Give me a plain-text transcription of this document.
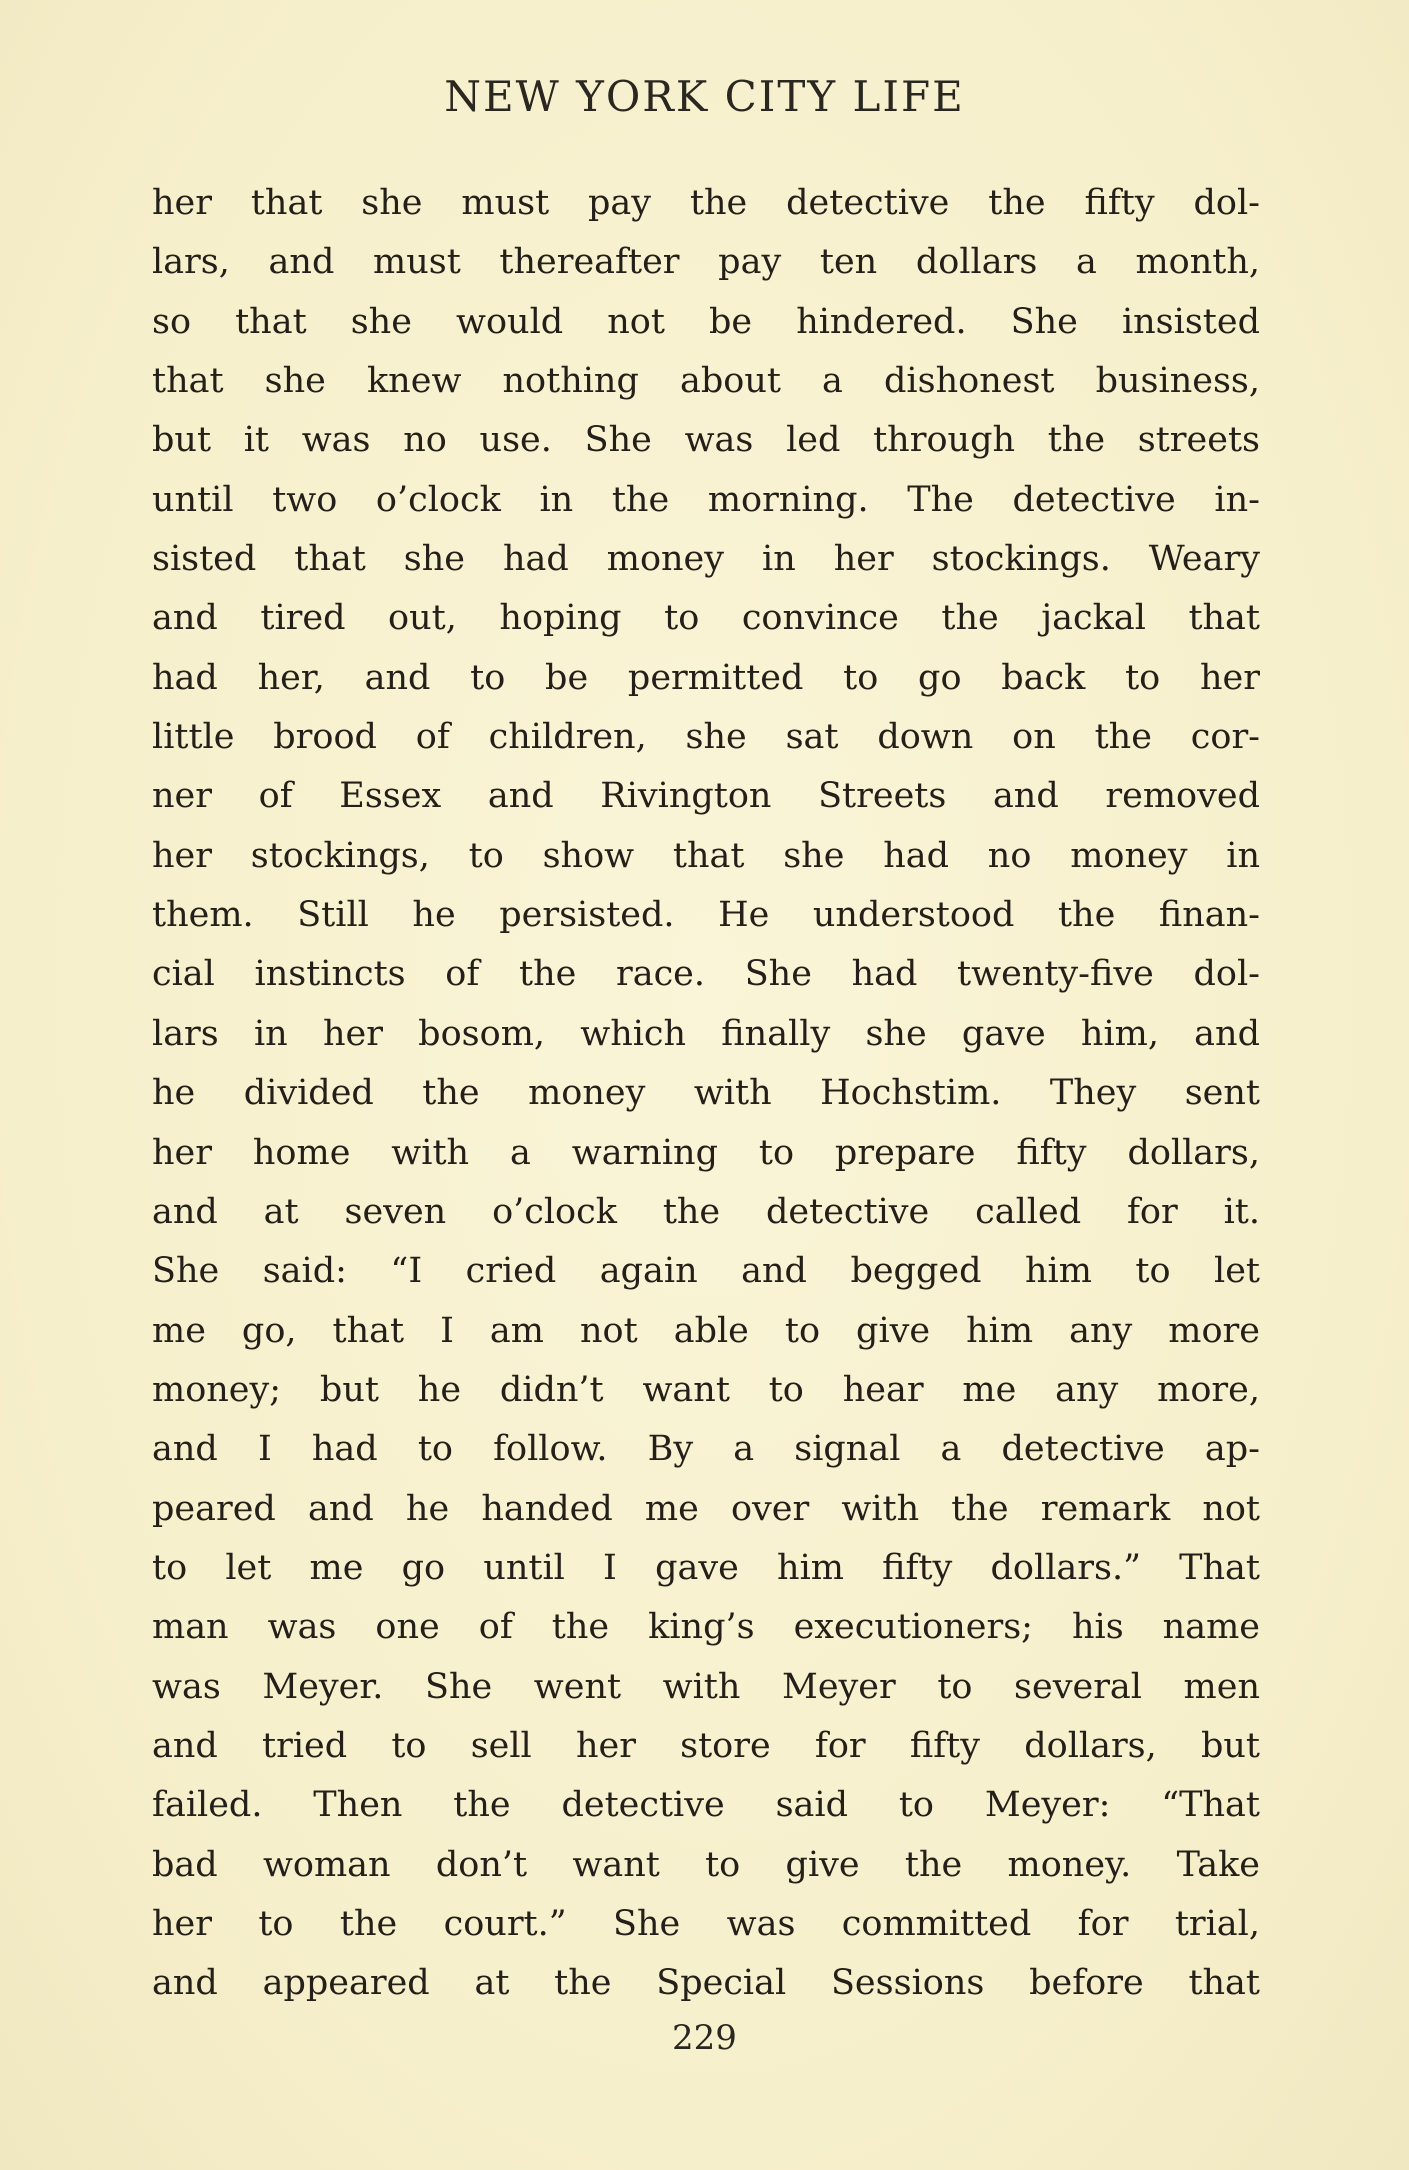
NEW YORK CITY LIFE
her that she must pay the detective the fifty dol-
lars, and must thereafter pay ten dollars a month,
so that she would not be hindered. She insisted
that she knew nothing about a dishonest business,
but it was no use. She was led through the streets
until two o’clock in the morning. The detective in-
sisted that she had money in her stockings. Weary
and tired out, hoping to convince the jackal that
had her, and to be permitted to go back to her
little brood of children, she sat down on the cor-
ner of Essex and Rivington Streets and removed
her stockings, to show that she had no money in
them. Still he persisted. He understood the finan-
cial instincts of the race. She had twenty-five dol-
lars in her bosom, which finally she gave him, and
he divided the money with Hochstim. They sent
her home with a warning to prepare fifty dollars,
and at seven o’clock the detective called for it.
She said: “I cried again and begged him to let
me go, that I am not able to give him any more
money; but he didn’t want to hear me any more,
and I had to follow. By a signal a detective ap-
peared and he handed me over with the remark not
to let me go until I gave him fifty dollars.” That
man was one of the king’s executioners; his name
was Meyer. She went with Meyer to several men
and tried to sell her store for fifty dollars, but
failed. Then the detective said to Meyer: “That
bad woman don’t want to give the money. Take
her to the court.” She was committed for trial,
and appeared at the Special Sessions before that
229
